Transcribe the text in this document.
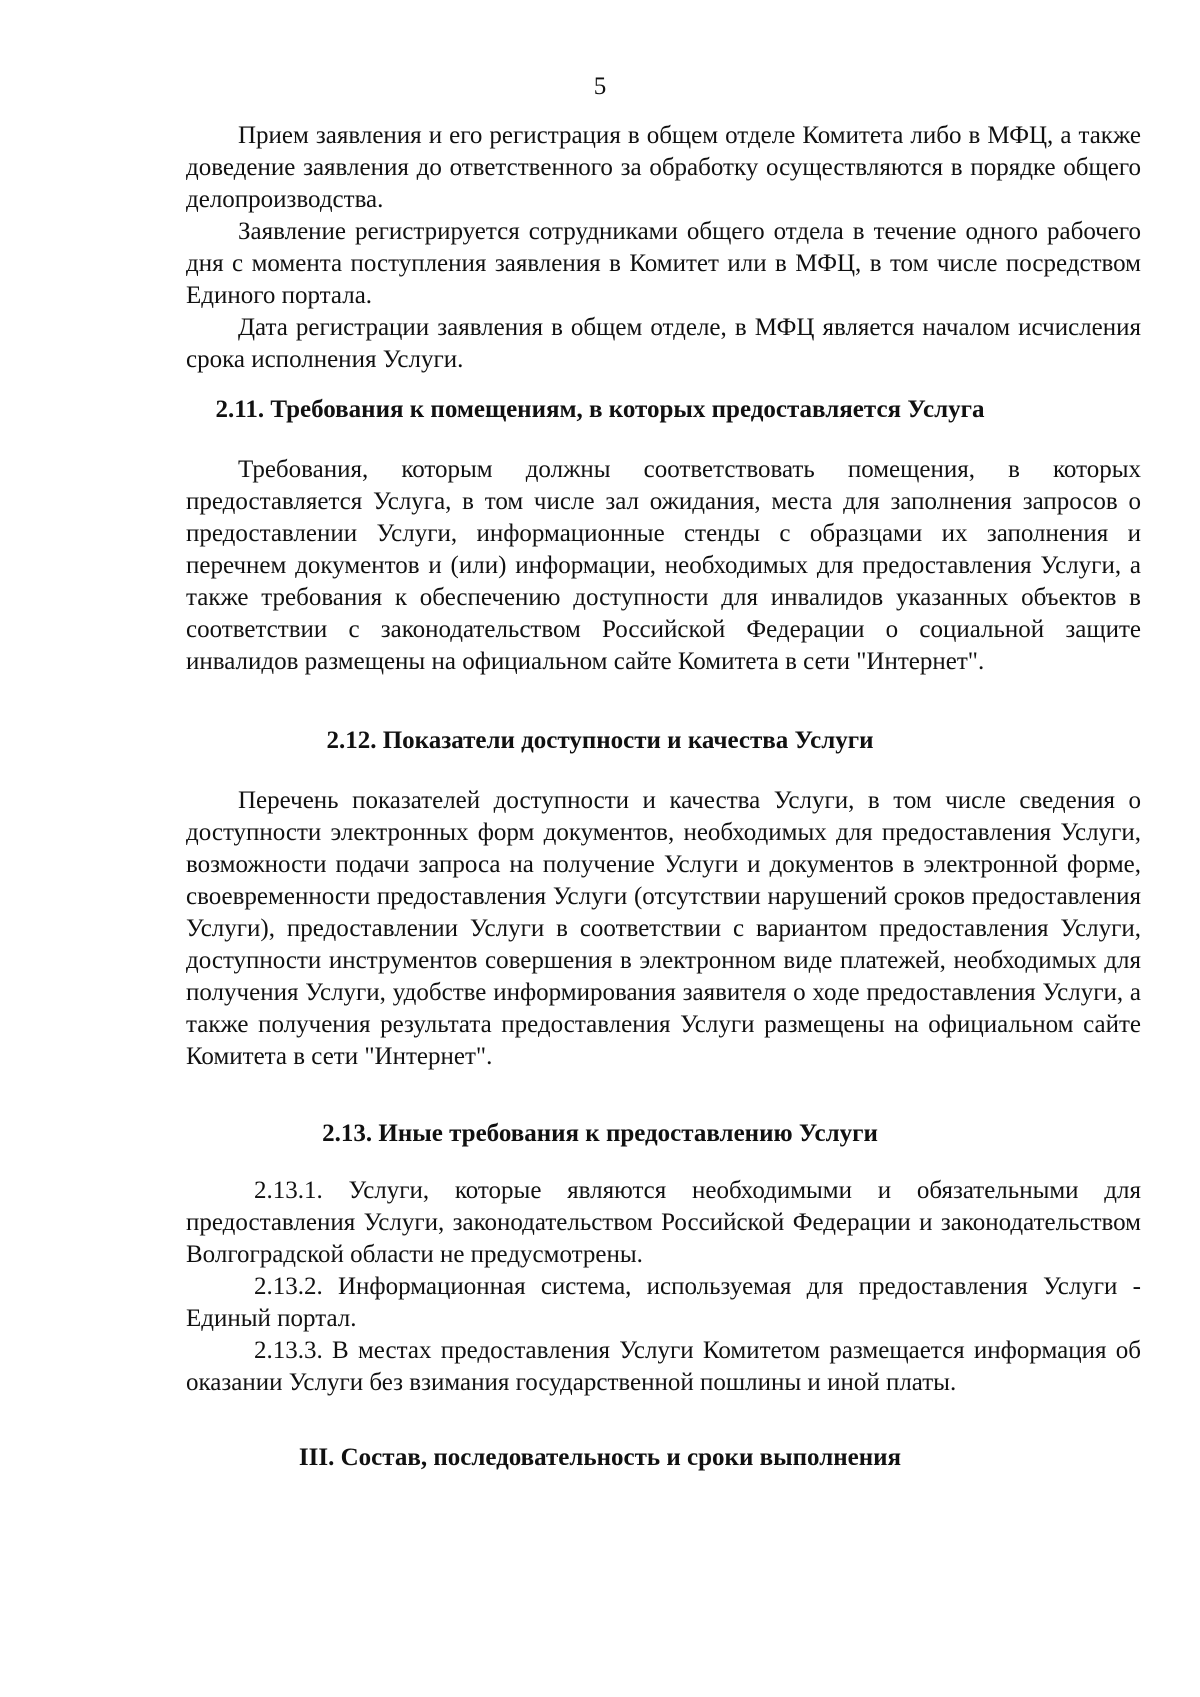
5

Прием заявления и его регистрация в общем отделе Комитета либо в МФЦ, а также доведение заявления до ответственного за обработку осуществляются в порядке общего делопроизводства.

Заявление регистрируется сотрудниками общего отдела в течение одного рабочего дня с момента поступления заявления в Комитет или в МФЦ, в том числе посредством Единого портала.

Дата регистрации заявления в общем отделе, в МФЦ является началом исчисления срока исполнения Услуги.

2.11. Требования к помещениям, в которых предоставляется Услуга

Требования, которым должны соответствовать помещения, в которых предоставляется Услуга, в том числе зал ожидания, места для заполнения запросов о предоставлении Услуги, информационные стенды с образцами их заполнения и перечнем документов и (или) информации, необходимых для предоставления Услуги, а также требования к обеспечению доступности для инвалидов указанных объектов в соответствии с законодательством Российской Федерации о социальной защите инвалидов размещены на официальном сайте Комитета в сети "Интернет".

2.12. Показатели доступности и качества Услуги

Перечень показателей доступности и качества Услуги, в том числе сведения о доступности электронных форм документов, необходимых для предоставления Услуги, возможности подачи запроса на получение Услуги и документов в электронной форме, своевременности предоставления Услуги (отсутствии нарушений сроков предоставления Услуги), предоставлении Услуги в соответствии с вариантом предоставления Услуги, доступности инструментов совершения в электронном виде платежей, необходимых для получения Услуги, удобстве информирования заявителя о ходе предоставления Услуги, а также получения результата предоставления Услуги размещены на официальном сайте Комитета в сети "Интернет".

2.13. Иные требования к предоставлению Услуги

2.13.1. Услуги, которые являются необходимыми и обязательными для предоставления Услуги, законодательством Российской Федерации и законодательством Волгоградской области не предусмотрены.

2.13.2. Информационная система, используемая для предоставления Услуги - Единый портал.

2.13.3. В местах предоставления Услуги Комитетом размещается информация об оказании Услуги без взимания государственной пошлины и иной платы.

III. Состав, последовательность и сроки выполнения
